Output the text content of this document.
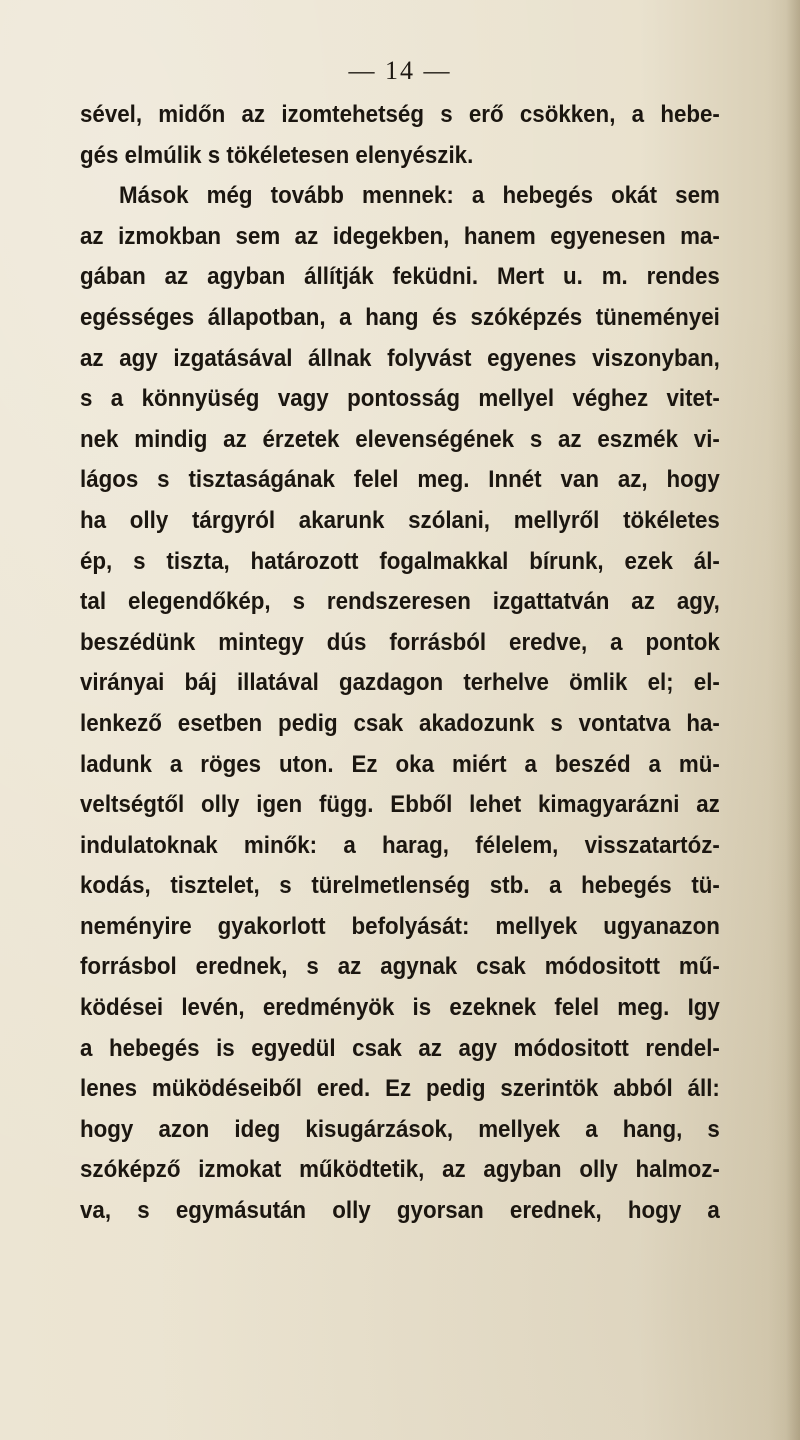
— 14 —
sével, midőn az izomtehetség s erő csökken, a hebe-
gés elmúlik s tökéletesen elenyészik.
Mások még tovább mennek: a hebegés okát sem
az izmokban sem az idegekben, hanem egyenesen ma-
gában az agyban állítják feküdni. Mert u. m. rendes
egésséges állapotban, a hang és szóképzés tüneményei
az agy izgatásával állnak folyvást egyenes viszonyban,
s a könnyüség vagy pontosság mellyel véghez vitet-
nek mindig az érzetek elevenségének s az eszmék vi-
lágos s tisztaságának felel meg. Innét van az, hogy
ha olly tárgyról akarunk szólani, mellyről tökéletes
ép, s tiszta, határozott fogalmakkal bírunk, ezek ál-
tal elegendőkép, s rendszeresen izgattatván az agy,
beszédünk mintegy dús forrásból eredve, a pontok
virányai báj illatával gazdagon terhelve ömlik el; el-
lenkező esetben pedig csak akadozunk s vontatva ha-
ladunk a röges uton. Ez oka miért a beszéd a mü-
veltségtől olly igen függ. Ebből lehet kimagyarázni az
indulatoknak minők: a harag, félelem, visszatartóz-
kodás, tisztelet, s türelmetlenség stb. a hebegés tü-
neményire gyakorlott befolyását: mellyek ugyanazon
forrásbol erednek, s az agynak csak módositott mű-
ködései levén, eredményök is ezeknek felel meg. Igy
a hebegés is egyedül csak az agy módositott rendel-
lenes müködéseiből ered. Ez pedig szerintök abból áll:
hogy azon ideg kisugárzások, mellyek a hang, s
szóképző izmokat működtetik, az agyban olly halmoz-
va, s egymásután olly gyorsan erednek, hogy a
